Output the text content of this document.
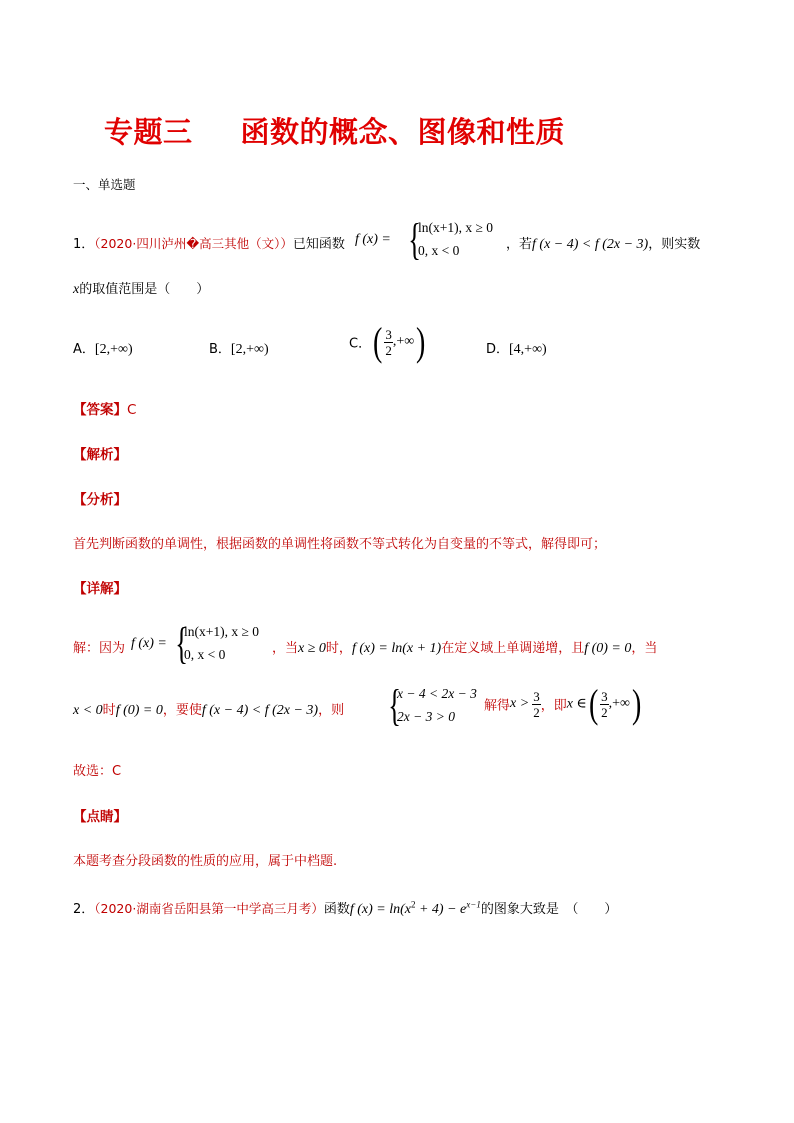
专题三 函数的概念、图像和性质
一、单选题
1．（2020·四川泸州�高三其他（文））已知函数 f (x) = {
ln(x+1), x ≥ 0
0, x < 0	，若f (x − 4) < f (2x − 3)，则实数
x的取值范围是（　　）
A．[2,+∞)	B．[2,+∞)	C．( $\frac{3}{2}$ ,+∞)	D．[4,+∞)
【答案】C
【解析】
【分析】
首先判断函数的单调性，根据函数的单调性将函数不等式转化为自变量的不等式，解得即可；
【详解】
解：因为 f (x) = {
ln(x+1), x ≥ 0
0, x < 0	，当x ≥ 0时，f (x) = ln(x + 1)在定义域上单调递增，且f (0) = 0，当
x < 0时f (0) = 0，要使f (x − 4) < f (2x − 3)，则 {
x − 4 < 2x − 3
2x − 3 > 0
解得$x > \frac{3}{2}$ ，即x ∈( $\frac{3}{2}$ ,+∞)
故选：C
【点睛】
本题考查分段函数的性质的应用，属于中档题.
2．（2020·湖南省岳阳县第一中学高三月考）函数f $(x) = \ln(x^2 + 4) - e^{x-1}$的图象大致是　（　　）
